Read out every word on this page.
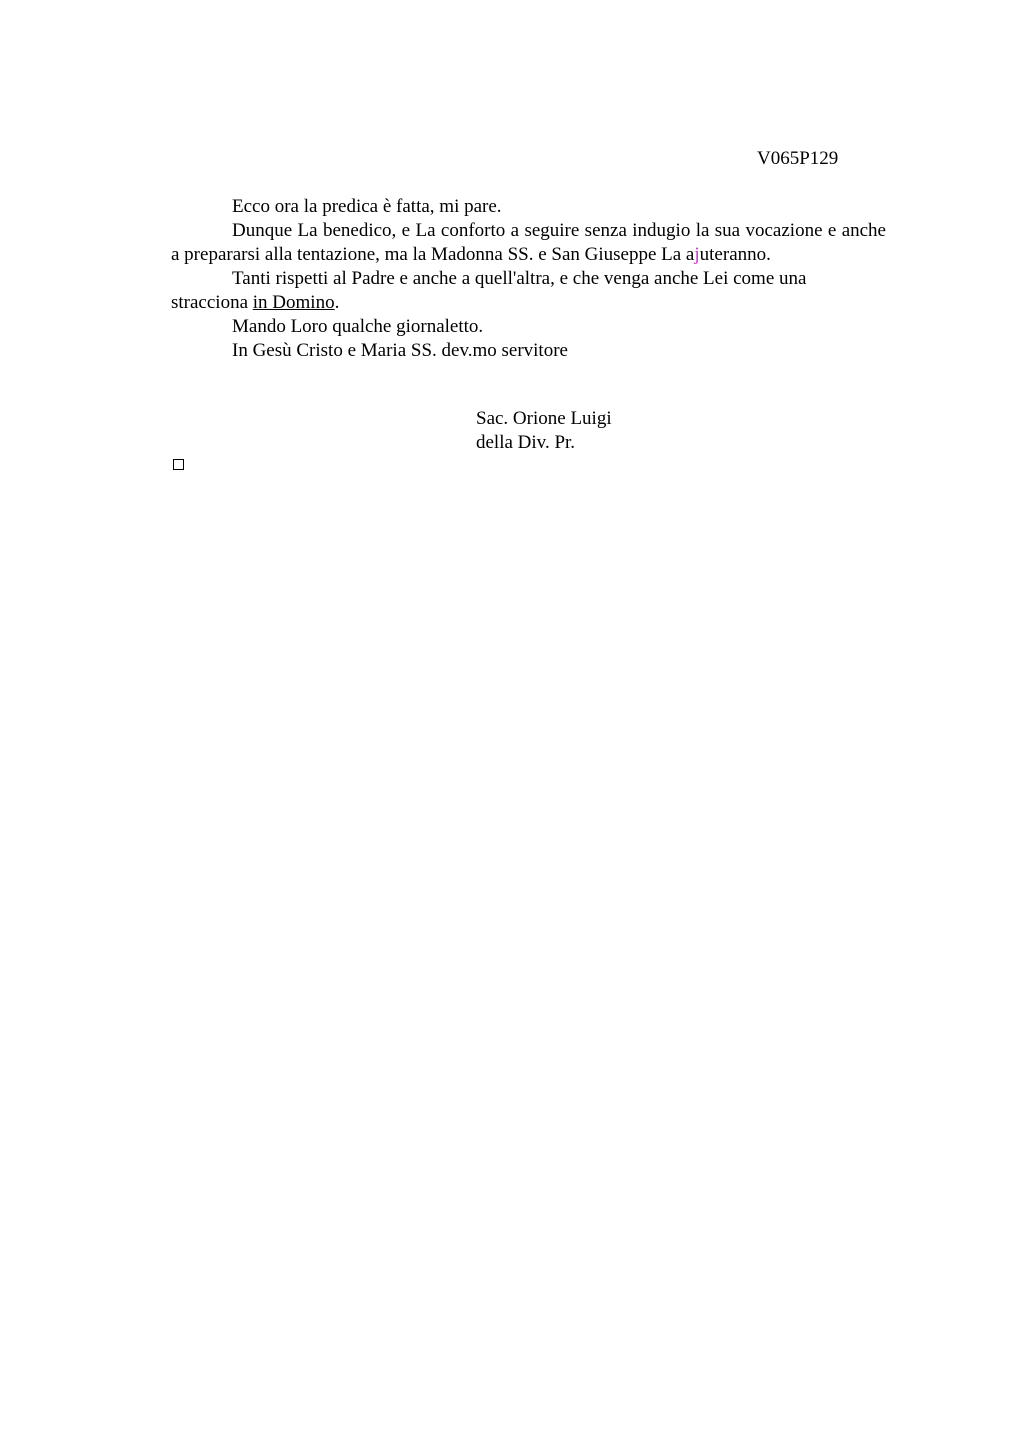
V065P129

Ecco ora la predica è fatta, mi pare.

Dunque La benedico, e La conforto a seguire senza indugio la sua vocazione e anche a prepararsi alla tentazione, ma la Madonna SS. e San Giuseppe La ajuteranno.

Tanti rispetti al Padre e anche a quell'altra, e che venga anche Lei come una stracciona in Domino.

Mando Loro qualche giornaletto.

In Gesù Cristo e Maria SS. dev.mo servitore

Sac. Orione Luigi
della Div. Pr.
